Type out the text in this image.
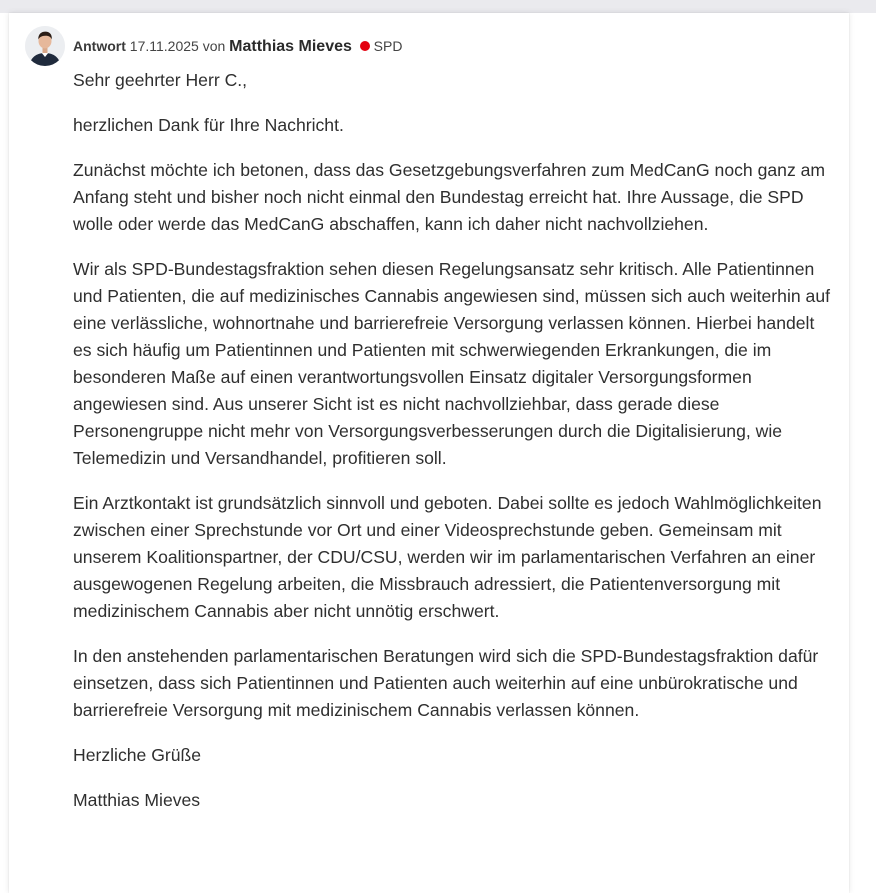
Antwort 17.11.2025 von Matthias Mieves SPD

Sehr geehrter Herr C.,

herzlichen Dank für Ihre Nachricht.

Zunächst möchte ich betonen, dass das Gesetzgebungsverfahren zum MedCanG noch ganz am Anfang steht und bisher noch nicht einmal den Bundestag erreicht hat. Ihre Aussage, die SPD wolle oder werde das MedCanG abschaffen, kann ich daher nicht nachvollziehen.

Wir als SPD-Bundestagsfraktion sehen diesen Regelungsansatz sehr kritisch. Alle Patientinnen und Patienten, die auf medizinisches Cannabis angewiesen sind, müssen sich auch weiterhin auf eine verlässliche, wohnortnahe und barrierefreie Versorgung verlassen können. Hierbei handelt es sich häufig um Patientinnen und Patienten mit schwerwiegenden Erkrankungen, die im besonderen Maße auf einen verantwortungsvollen Einsatz digitaler Versorgungsformen angewiesen sind. Aus unserer Sicht ist es nicht nachvollziehbar, dass gerade diese Personengruppe nicht mehr von Versorgungsverbesserungen durch die Digitalisierung, wie Telemedizin und Versandhandel, profitieren soll.

Ein Arztkontakt ist grundsätzlich sinnvoll und geboten. Dabei sollte es jedoch Wahlmöglichkeiten zwischen einer Sprechstunde vor Ort und einer Videosprechstunde geben. Gemeinsam mit unserem Koalitionspartner, der CDU/CSU, werden wir im parlamentarischen Verfahren an einer ausgewogenen Regelung arbeiten, die Missbrauch adressiert, die Patientenversorgung mit medizinischem Cannabis aber nicht unnötig erschwert.

In den anstehenden parlamentarischen Beratungen wird sich die SPD-Bundestagsfraktion dafür einsetzen, dass sich Patientinnen und Patienten auch weiterhin auf eine unbürokratische und barrierefreie Versorgung mit medizinischem Cannabis verlassen können.

Herzliche Grüße

Matthias Mieves
